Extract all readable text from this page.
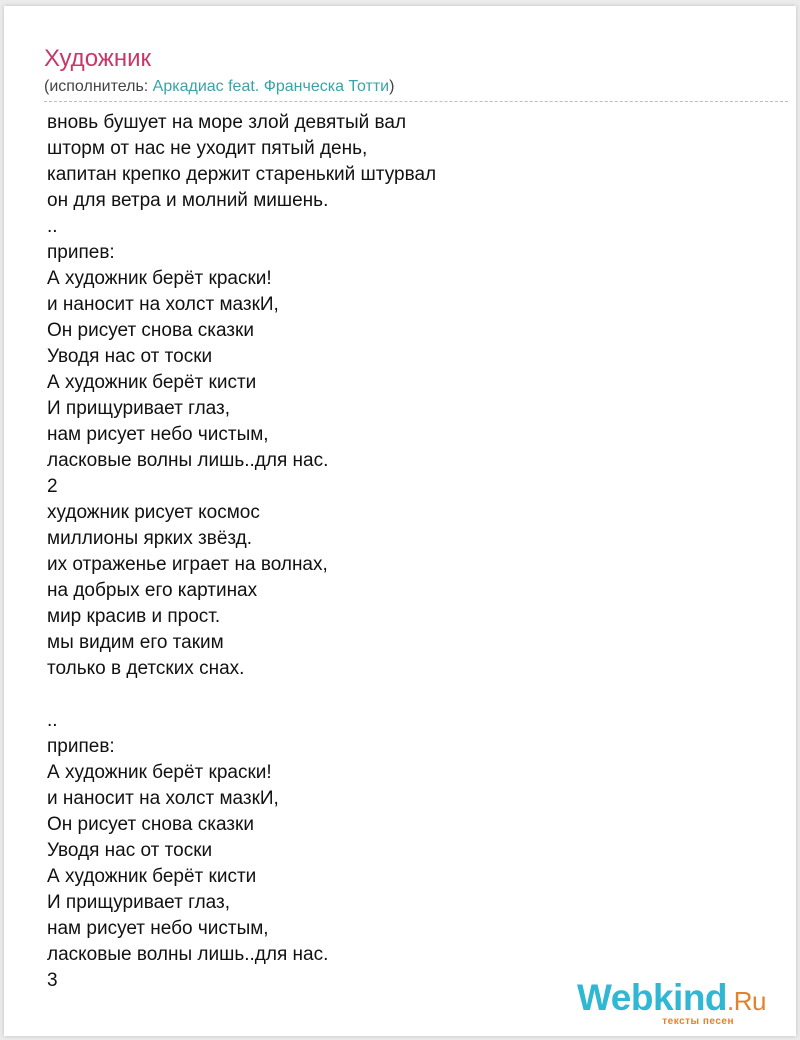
Художник
(исполнитель: Аркадиас feat. Франческа Тотти)
вновь бушует на море злой девятый вал
шторм от нас не уходит пятый день,
капитан крепко держит старенький штурвал
он для ветра и молний мишень.
..
припев:
А художник берёт краски!
и наносит на холст мазкИ,
Он рисует снова сказки
Уводя нас от тоски
А художник берёт кисти
И прищуривает глаз,
нам рисует небо чистым,
ласковые волны лишь..для нас.
2
художник рисует космос
миллионы ярких звёзд.
их отраженье играет на волнах,
на добрых его картинах
мир красив и прост.
мы видим его таким
только в детских снах.
..
припев:
А художник берёт краски!
и наносит на холст мазкИ,
Он рисует снова сказки
Уводя нас от тоски
А художник берёт кисти
И прищуривает глаз,
нам рисует небо чистым,
ласковые волны лишь..для нас.
3	Webkind.Ru
тексты песен
